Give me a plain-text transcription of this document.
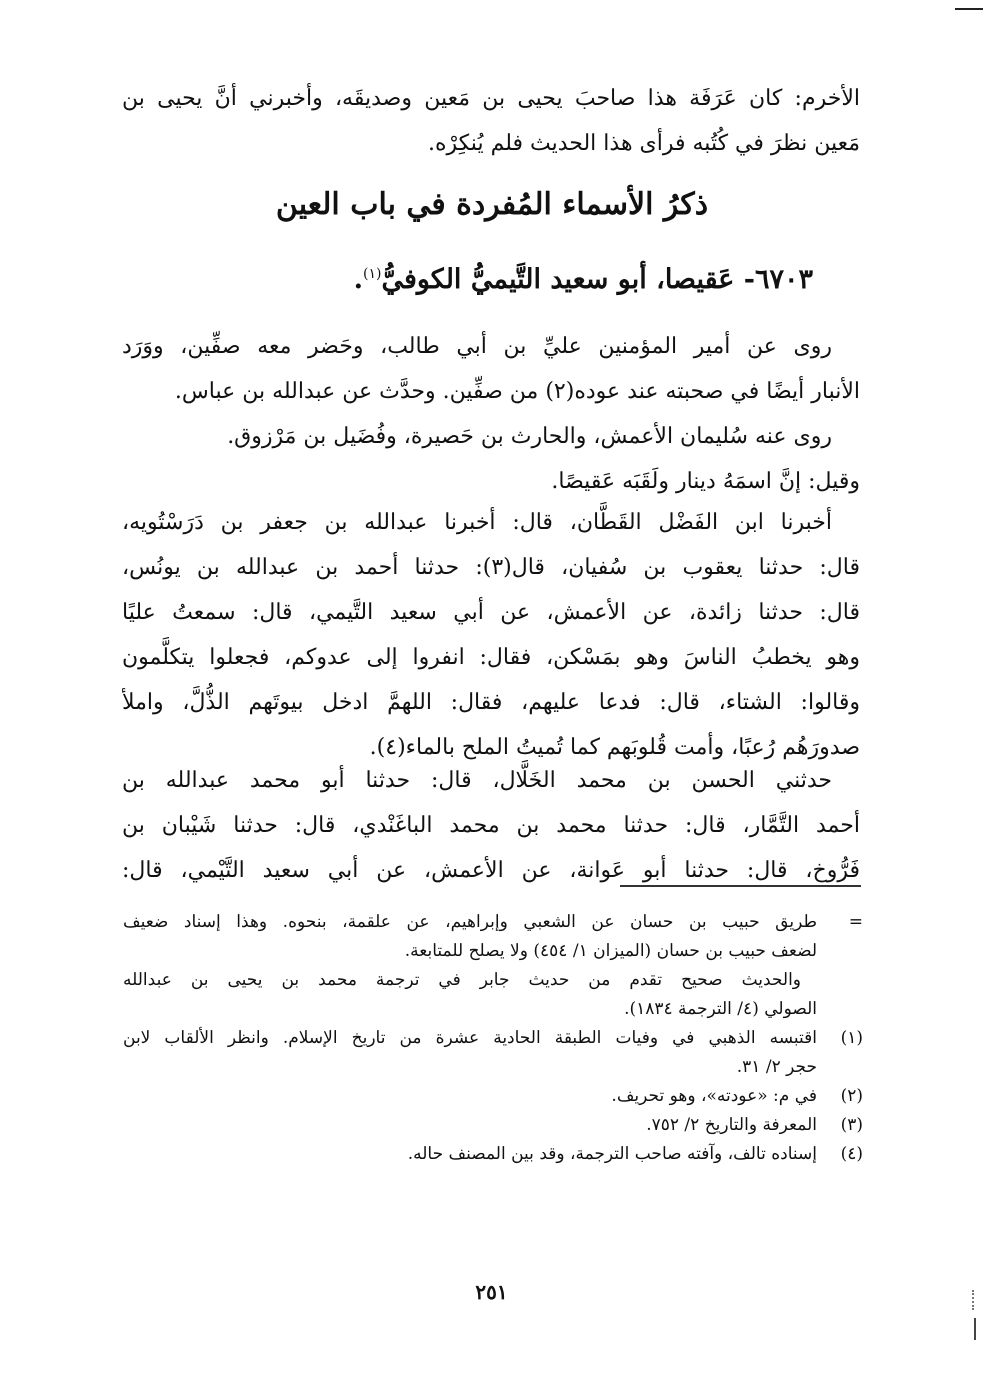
الأخرم: كان عَرَفَة هذا صاحبَ يحيى بن مَعين وصديقَه، وأخبرني أنَّ يحيى بن
مَعين نظرَ في كُتُبه فرأى هذا الحديث فلم يُنكِرْه.
ذكرُ الأسماء المُفردة في باب العين
٦٧٠٣- عَقيصا، أبو سعيد التَّيميُّ الكوفيُّ$^{(١)}$.
روى عن أمير المؤمنين عليِّ بن أبي طالب، وحَضر معه صفِّين، ووَرَد
الأنبار أيضًا في صحبته عند عوده(٢) من صفِّين. وحدَّث عن عبدالله بن عباس.
روى عنه سُليمان الأعمش، والحارث بن حَصيرة، وفُضَيل بن مَرْزوق.
وقيل: إنَّ اسمَهُ دينار ولَقَبَه عَقيصًا.
أخبرنا ابن الفَضْل القَطَّان، قال: أخبرنا عبدالله بن جعفر بن دَرَسْتُويه،
قال: حدثنا يعقوب بن سُفيان، قال(٣): حدثنا أحمد بن عبدالله بن يونُس،
قال: حدثنا زائدة، عن الأعمش، عن أبي سعيد التَّيمي، قال: سمعتُ عليًا
وهو يخطبُ الناسَ وهو بمَسْكن، فقال: انفروا إلى عدوكم، فجعلوا يتكلَّمون
وقالوا: الشتاء، قال: فدعا عليهم، فقال: اللهمَّ ادخل بيوتَهم الذُّلَّ، واملأ
صدورَهُم رُعبًا، وأمت قُلوبَهم كما تُميتُ الملح بالماء(٤).
حدثني الحسن بن محمد الخَلَّال، قال: حدثنا أبو محمد عبدالله بن
أحمد التَّمَّار، قال: حدثنا محمد بن محمد الباغَنْدي، قال: حدثنا شَيْبان بن
فَرُّوخ، قال: حدثنا أبو عَوانة، عن الأعمش، عن أبي سعيد التَّيْمي، قال:
=
طريق حبيب بن حسان عن الشعبي وإبراهيم، عن علقمة، بنحوه. وهذا إسناد ضعيف
لضعف حبيب بن حسان (الميزان ١/ ٤٥٤) ولا يصلح للمتابعة.
والحديث صحيح تقدم من حديث جابر في ترجمة محمد بن يحيى بن عبدالله
الصولي (٤/ الترجمة ١٨٣٤).
(١)
اقتبسه الذهبي في وفيات الطبقة الحادية عشرة من تاريخ الإسلام. وانظر الألقاب لابن
حجر ٢/ ٣١.
(٢)
في م: «عودته»، وهو تحريف.
(٣)
المعرفة والتاريخ ٢/ ٧٥٢.
(٤)
إسناده تالف، وآفته صاحب الترجمة، وقد بين المصنف حاله.
٢٥١
